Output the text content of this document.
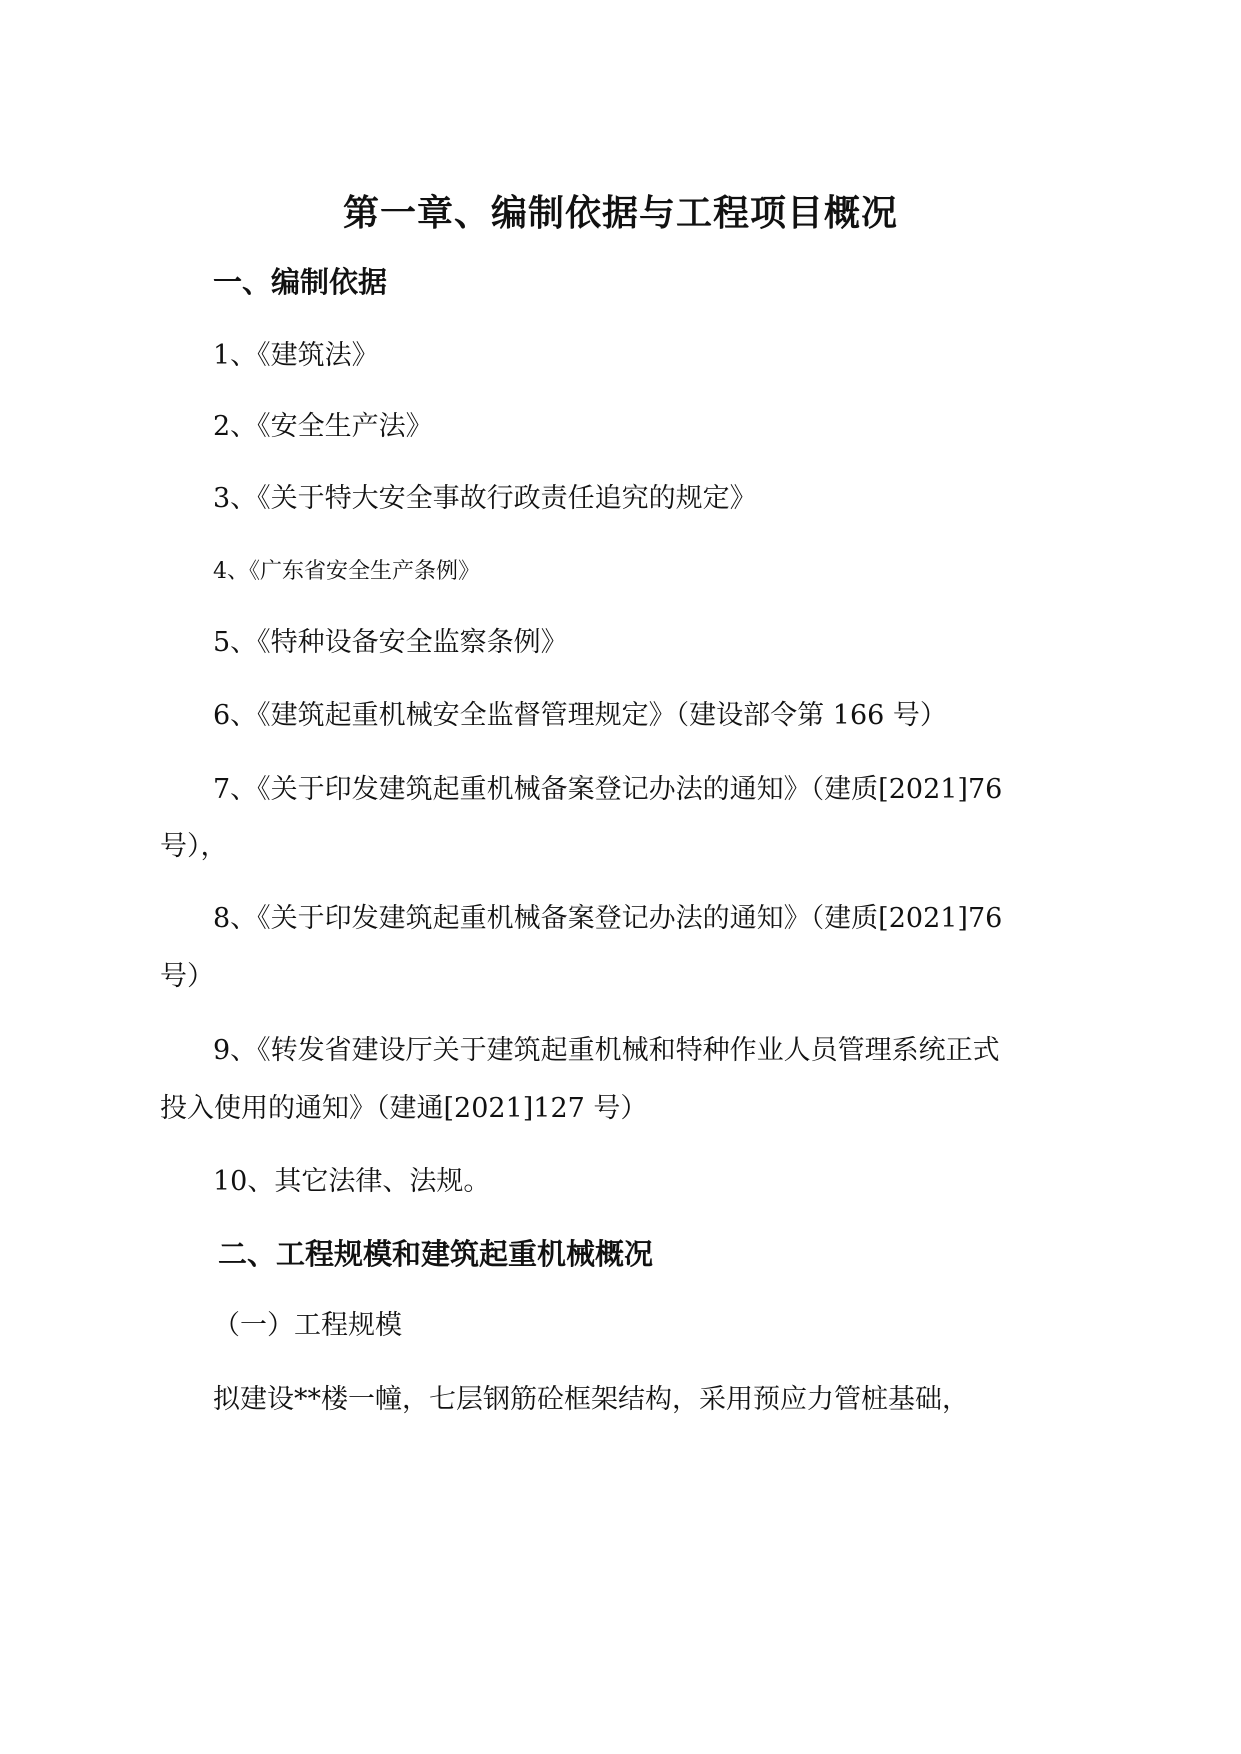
第一章、编制依据与工程项目概况
一、编制依据
1、《建筑法》
2、《安全生产法》
3、《关于特大安全事故行政责任追究的规定》
4、《广东省安全生产条例》
5、《特种设备安全监察条例》
6、《建筑起重机械安全监督管理规定》（建设部令第 166 号）
7、《关于印发建筑起重机械备案登记办法的通知》（建质[2021]76
号），
8、《关于印发建筑起重机械备案登记办法的通知》（建质[2021]76
号）
9、《转发省建设厅关于建筑起重机械和特种作业人员管理系统正式
投入使用的通知》（建通[2021]127 号）
10、其它法律、法规。
二、工程规模和建筑起重机械概况
（一）工程规模
拟建设**楼一幢，七层钢筋砼框架结构，采用预应力管桩基础，
